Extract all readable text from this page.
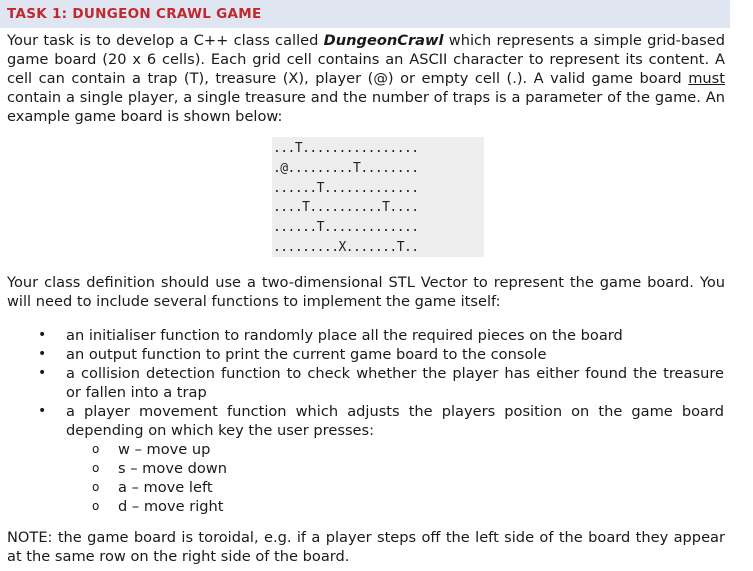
TASK 1: DUNGEON CRAWL GAME

Your task is to develop a C++ class called DungeonCrawl which represents a simple grid-based game board (20 x 6 cells). Each grid cell contains an ASCII character to represent its content. A cell can contain a trap (T), treasure (X), player (@) or empty cell (.). A valid game board must contain a single player, a single treasure and the number of traps is a parameter of the game. An example game board is shown below:

...T................
.@.........T........
......T.............
....T..........T....
......T.............
.........X.......T..

Your class definition should use a two-dimensional STL Vector to represent the game board. You will need to include several functions to implement the game itself:

• an initialiser function to randomly place all the required pieces on the board
• an output function to print the current game board to the console
• a collision detection function to check whether the player has either found the treasure or fallen into a trap
• a player movement function which adjusts the players position on the game board depending on which key the user presses:
o w – move up
o s – move down
o a – move left
o d – move right

NOTE: the game board is toroidal, e.g. if a player steps off the left side of the board they appear at the same row on the right side of the board.
